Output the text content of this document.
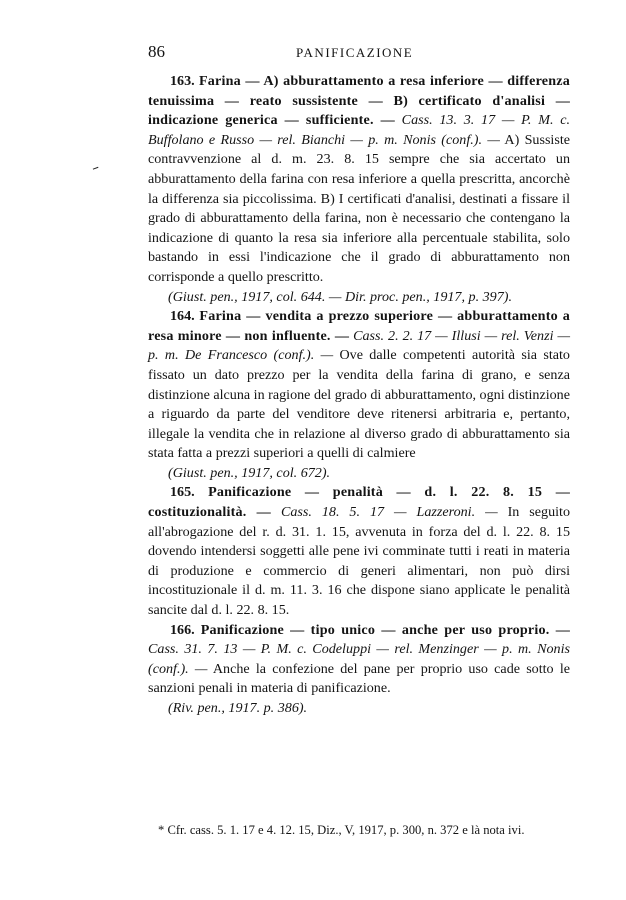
86	PANIFICAZIONE
–

163. Farina — A) abburattamento a resa inferiore — differenza tenuissima — reato sussistente — B) certificato d'analisi — indicazione generica — sufficiente. — Cass. 13. 3. 17 — P. M. c. Buffolano e Russo — rel. Bianchi — p. m. Nonis (conf.). — A) Sussiste contravvenzione al d. m. 23. 8. 15 sempre che sia accertato un abburattamento della farina con resa inferiore a quella prescritta, ancorchè la differenza sia piccolissima. B) I certificati d'analisi, destinati a fissare il grado di abburattamento della farina, non è necessario che contengano la indicazione di quanto la resa sia inferiore alla percentuale stabilita, solo bastando in essi l'indicazione che il grado di abburattamento non corrisponde a quello prescritto.

(Giust. pen., 1917, col. 644. — Dir. proc. pen., 1917, p. 397).

164. Farina — vendita a prezzo superiore — abburattamento a resa minore — non influente. — Cass. 2. 2. 17 — Illusi — rel. Venzi — p. m. De Francesco (conf.). — Ove dalle competenti autorità sia stato fissato un dato prezzo per la vendita della farina di grano, e senza distinzione alcuna in ragione del grado di abburattamento, ogni distinzione a riguardo da parte del venditore deve ritenersi arbitraria e, pertanto, illegale la vendita che in relazione al diverso grado di abburattamento sia stata fatta a prezzi superiori a quelli di calmiere

(Giust. pen., 1917, col. 672).

165. Panificazione — penalità — d. l. 22. 8. 15 — costituzionalità. — Cass. 18. 5. 17 — Lazzeroni. — In seguito all'abrogazione del r. d. 31. 1. 15, avvenuta in forza del d. l. 22. 8. 15 dovendo intendersi soggetti alle pene ivi comminate tutti i reati in materia di produzione e commercio di generi alimentari, non può dirsi incostituzionale il d. m. 11. 3. 16 che dispone siano applicate le penalità sancite dal d. l. 22. 8. 15.

166. Panificazione — tipo unico — anche per uso proprio. — Cass. 31. 7. 13 — P. M. c. Codeluppi — rel. Menzinger — p. m. Nonis (conf.). — Anche la confezione del pane per proprio uso cade sotto le sanzioni penali in materia di panificazione.

(Riv. pen., 1917. p. 386).

* Cfr. cass. 5. 1. 17 e 4. 12. 15, Diz., V, 1917, p. 300, n. 372 e là nota ivi.
